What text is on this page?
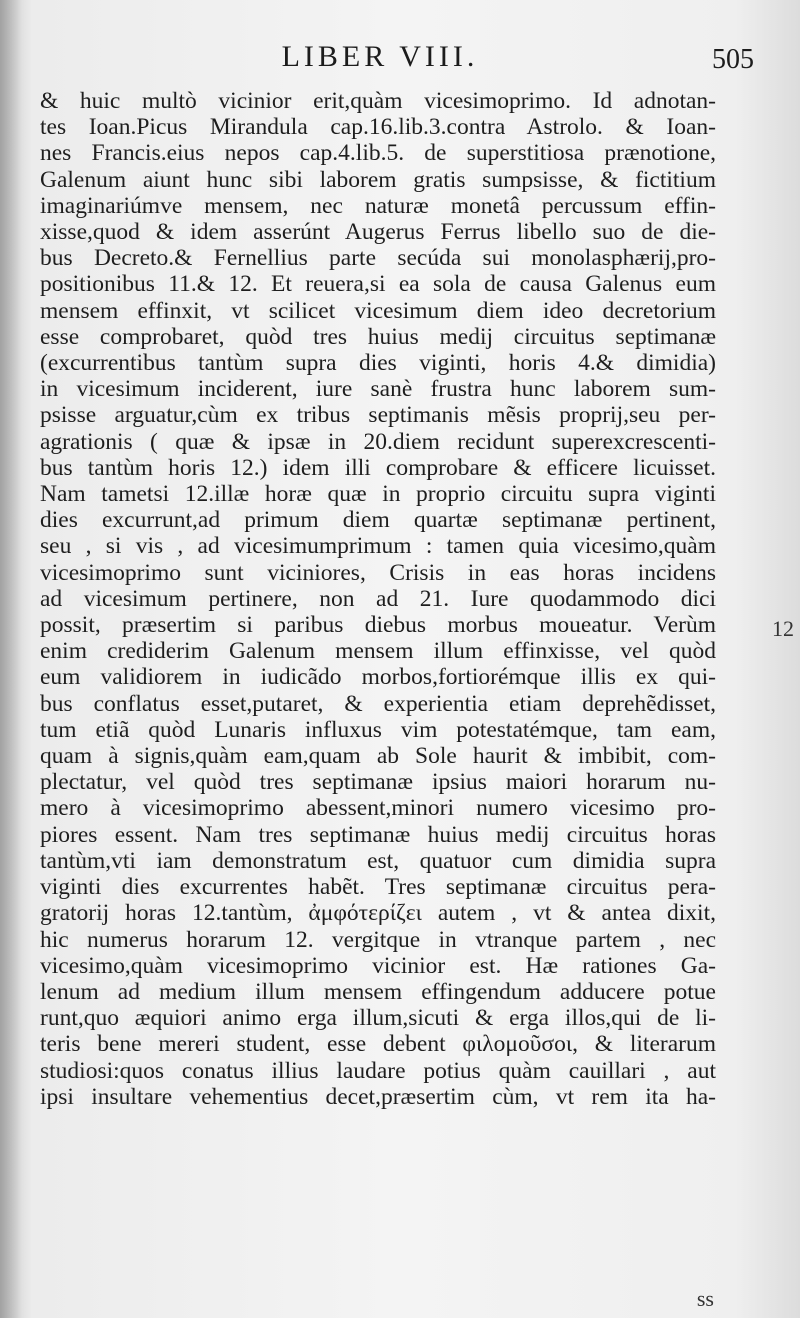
LIBER VIII.	505
& huic multò vicinior erit,quàm vicesimoprimo. Id adnotan-
tes Ioan.Picus Mirandula cap.16.lib.3.contra Astrolo. & Ioan-
nes Francis.eius nepos cap.4.lib.5. de superstitiosa prænotione,
Galenum aiunt hunc sibi laborem gratis sumpsisse, & fictitium
imaginariúmve mensem, nec naturæ monetâ percussum effin-
xisse,quod & idem asserúnt Augerus Ferrus libello suo de die-
bus Decreto.& Fernellius parte secúda sui monolasphærij,pro-
positionibus 11.& 12. Et reuera,si ea sola de causa Galenus eum
mensem effinxit, vt scilicet vicesimum diem ideo decretorium
esse comprobaret, quòd tres huius medij circuitus septimanæ
(excurrentibus tantùm supra dies viginti, horis 4.& dimidia)
in vicesimum inciderent, iure sanè frustra hunc laborem sum-
psisse arguatur,cùm ex tribus septimanis mẽsis proprij,seu per-
agrationis ( quæ & ipsæ in 20.diem recidunt superexcrescenti-
bus tantùm horis 12.) idem illi comprobare & efficere licuisset.
Nam tametsi 12.illæ horæ quæ in proprio circuitu supra viginti
dies excurrunt,ad primum diem quartæ septimanæ pertinent,
seu , si vis , ad vicesimumprimum : tamen quia vicesimo,quàm
vicesimoprimo sunt viciniores, Crisis in eas horas incidens
ad vicesimum pertinere, non ad 21. Iure quodammodo dici
possit, præsertim si paribus diebus morbus moueatur. Verùm
enim crediderim Galenum mensem illum effinxisse, vel quòd
eum validiorem in iudicãdo morbos,fortiorémque illis ex qui-
bus conflatus esset,putaret, & experientia etiam deprehẽdisset,
tum etiã quòd Lunaris influxus vim potestatémque, tam eam,
quam à signis,quàm eam,quam ab Sole haurit & imbibit, com-
plectatur, vel quòd tres septimanæ ipsius maiori horarum nu-
mero à vicesimoprimo abessent,minori numero vicesimo pro-
piores essent. Nam tres septimanæ huius medij circuitus horas
tantùm,vti iam demonstratum est, quatuor cum dimidia supra
viginti dies excurrentes habẽt. Tres septimanæ circuitus pera-
gratorij horas 12.tantùm, ἀμφότερίζει autem , vt & antea dixit,
hic numerus horarum 12. vergitque in vtranque partem , nec
vicesimo,quàm vicesimoprimo vicinior est. Hæ rationes Ga-
lenum ad medium illum mensem effingendum adducere potue
runt,quo æquiori animo erga illum,sicuti & erga illos,qui de li-
teris bene mereri student, esse debent φιλομοῦσοι, & literarum
studiosi:quos conatus illius laudare potius quàm cauillari , aut
ipsi insultare vehementius decet,præsertim cùm, vt rem ita ha-
12
ss
